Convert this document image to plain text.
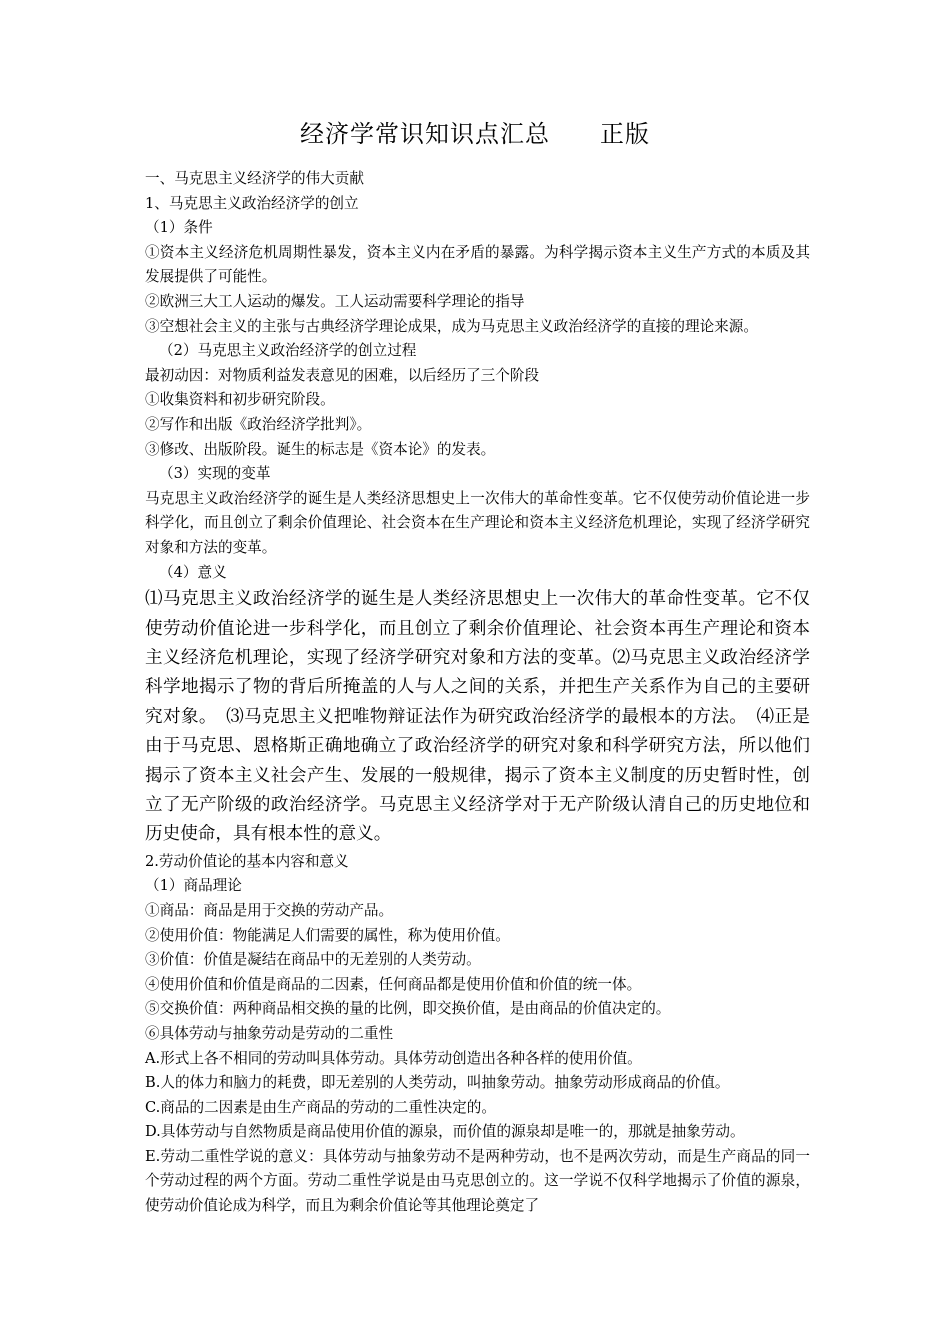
经济学常识知识点汇总　　正版

一、马克思主义经济学的伟大贡献

1、马克思主义政治经济学的创立

（1）条件

①资本主义经济危机周期性暴发，资本主义内在矛盾的暴露。为科学揭示资本主义生产方式的本质及其发展提供了可能性。

②欧洲三大工人运动的爆发。工人运动需要科学理论的指导

③空想社会主义的主张与古典经济学理论成果，成为马克思主义政治经济学的直接的理论来源。

（2）马克思主义政治经济学的创立过程

最初动因：对物质利益发表意见的困难，以后经历了三个阶段

①收集资料和初步研究阶段。

②写作和出版《政治经济学批判》。

③修改、出版阶段。诞生的标志是《资本论》的发表。

（3）实现的变革

马克思主义政治经济学的诞生是人类经济思想史上一次伟大的革命性变革。它不仅使劳动价值论进一步科学化，而且创立了剩余价值理论、社会资本在生产理论和资本主义经济危机理论，实现了经济学研究对象和方法的变革。

（4）意义

⑴马克思主义政治经济学的诞生是人类经济思想史上一次伟大的革命性变革。它不仅使劳动价值论进一步科学化，而且创立了剩余价值理论、社会资本再生产理论和资本主义经济危机理论，实现了经济学研究对象和方法的变革。⑵马克思主义政治经济学科学地揭示了物的背后所掩盖的人与人之间的关系，并把生产关系作为自己的主要研究对象。　⑶马克思主义把唯物辩证法作为研究政治经济学的最根本的方法。　⑷正是由于马克思、恩格斯正确地确立了政治经济学的研究对象和科学研究方法，所以他们揭示了资本主义社会产生、发展的一般规律，揭示了资本主义制度的历史暂时性，创立了无产阶级的政治经济学。马克思主义经济学对于无产阶级认清自己的历史地位和历史使命，具有根本性的意义。

2.劳动价值论的基本内容和意义

（1）商品理论

①商品：商品是用于交换的劳动产品。

②使用价值：物能满足人们需要的属性，称为使用价值。

③价值：价值是凝结在商品中的无差别的人类劳动。

④使用价值和价值是商品的二因素，任何商品都是使用价值和价值的统一体。

⑤交换价值：两种商品相交换的量的比例，即交换价值，是由商品的价值决定的。

⑥具体劳动与抽象劳动是劳动的二重性

A.形式上各不相同的劳动叫具体劳动。具体劳动创造出各种各样的使用价值。

B.人的体力和脑力的耗费，即无差别的人类劳动，叫抽象劳动。抽象劳动形成商品的价值。

C.商品的二因素是由生产商品的劳动的二重性决定的。

D.具体劳动与自然物质是商品使用价值的源泉，而价值的源泉却是唯一的，那就是抽象劳动。

E.劳动二重性学说的意义：具体劳动与抽象劳动不是两种劳动，也不是两次劳动，而是生产商品的同一个劳动过程的两个方面。劳动二重性学说是由马克思创立的。这一学说不仅科学地揭示了价值的源泉，使劳动价值论成为科学，而且为剩余价值论等其他理论奠定了
